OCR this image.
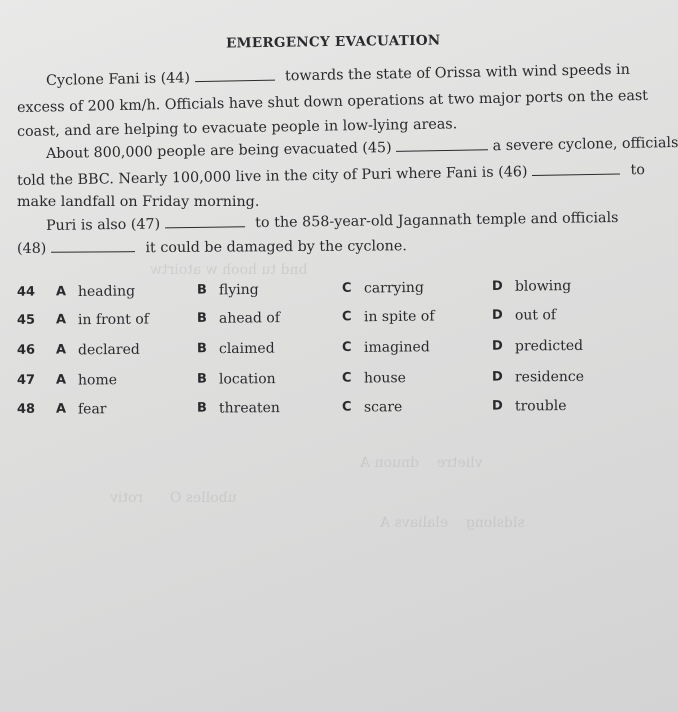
bnd tu hooh w atoirtw
vlietre    dnuon A
ubolles O      rotiv
sldslong    elaliavs A
EMERGENCY EVACUATION
Cyclone Fani is (44)	towards the state of Orissa with wind speeds in
excess of 200 km/h. Officials have shut down operations at two major ports on the east
coast, and are helping to evacuate people in low-lying areas.
About 800,000 people are being evacuated (45)	a severe cyclone, officials
told the BBC. Nearly 100,000 live in the city of Puri where Fani is (46)	to
make landfall on Friday morning.
Puri is also (47)	to the 858-year-old Jagannath temple and officials
(48)	it could be damaged by the cyclone.
44 A heading	B flying	C carrying	D blowing
45 A in front of	B ahead of	C in spite of	D out of
46 A declared	B claimed	C imagined	D predicted
47 A home	B location	C house	D residence
48 A fear	B threaten	C scare	D trouble
